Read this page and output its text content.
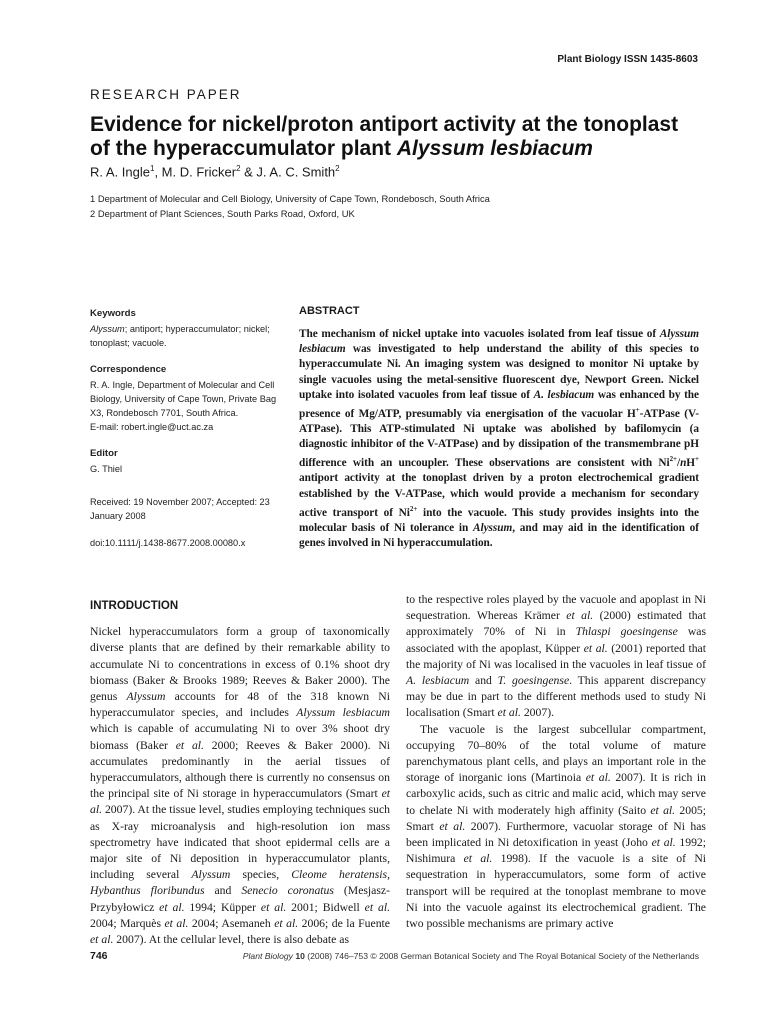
Plant Biology ISSN 1435-8603
RESEARCH PAPER
Evidence for nickel/proton antiport activity at the tonoplast
of the hyperaccumulator plant Alyssum lesbiacum
R. A. Ingle$^1$, M. D. Fricker$^2$ & J. A. C. Smith$^2$
1 Department of Molecular and Cell Biology, University of Cape Town, Rondebosch, South Africa
2 Department of Plant Sciences, South Parks Road, Oxford, UK
Keywords
Alyssum; antiport; hyperaccumulator; nickel; tonoplast; vacuole.
Correspondence
R. A. Ingle, Department of Molecular and Cell Biology, University of Cape Town, Private Bag X3, Rondebosch 7701, South Africa.
E-mail: robert.ingle@uct.ac.za
Editor
G. Thiel
Received: 19 November 2007; Accepted: 23 January 2008
doi:10.1111/j.1438-8677.2008.00080.x
ABSTRACT

The mechanism of nickel uptake into vacuoles isolated from leaf tissue of Alyssum lesbiacum was investigated to help understand the ability of this species to hyperaccumulate Ni. An imaging system was designed to monitor Ni uptake by single vacuoles using the metal-sensitive fluorescent dye, Newport Green. Nickel uptake into isolated vacuoles from leaf tissue of A. lesbiacum was enhanced by the presence of Mg/ATP, presumably via energisation of the vacuolar H+-ATPase (V-ATPase). This ATP-stimulated Ni uptake was abolished by bafilomycin (a diagnostic inhibitor of the V-ATPase) and by dissipation of the transmembrane pH difference with an uncoupler. These observations are consistent with $Ni^{2+}/nH^+$ antiport activity at the tonoplast driven by a proton electrochemical gradient established by the V-ATPase, which would provide a mechanism for secondary active transport of $Ni^{2+}$ into the vacuole. This study provides insights into the molecular basis of Ni tolerance in Alyssum, and may aid in the identification of genes involved in Ni hyperaccumulation.

INTRODUCTION

Nickel hyperaccumulators form a group of taxonomically diverse plants that are defined by their remarkable ability to accumulate Ni to concentrations in excess of 0.1% shoot dry biomass (Baker & Brooks 1989; Reeves & Baker 2000). The genus Alyssum accounts for 48 of the 318 known Ni hyperaccumulator species, and includes Alyssum lesbiacum which is capable of accumulating Ni to over 3% shoot dry biomass (Baker et al. 2000; Reeves & Baker 2000). Ni accumulates predominantly in the aerial tissues of hyperaccumulators, although there is currently no consensus on the principal site of Ni storage in hyperaccumulators (Smart et al. 2007). At the tissue level, studies employing techniques such as X-ray microanalysis and high-resolution ion mass spectrometry have indicated that shoot epidermal cells are a major site of Ni deposition in hyperaccumulator plants, including several Alyssum species, Cleome heratensis, Hybanthus floribundus and Senecio coronatus (Mesjasz-Przybyłowicz et al. 1994; Küpper et al. 2001; Bidwell et al. 2004; Marquès et al. 2004; Asemaneh et al. 2006; de la Fuente et al. 2007). At the cellular level, there is also debate as

to the respective roles played by the vacuole and apoplast in Ni sequestration. Whereas Krämer et al. (2000) estimated that approximately 70% of Ni in Thlaspi goesingense was associated with the apoplast, Küpper et al. (2001) reported that the majority of Ni was localised in the vacuoles in leaf tissue of A. lesbiacum and T. goesingense. This apparent discrepancy may be due in part to the different methods used to study Ni localisation (Smart et al. 2007).

The vacuole is the largest subcellular compartment, occupying 70–80% of the total volume of mature parenchymatous plant cells, and plays an important role in the storage of inorganic ions (Martinoia et al. 2007). It is rich in carboxylic acids, such as citric and malic acid, which may serve to chelate Ni with moderately high affinity (Saito et al. 2005; Smart et al. 2007). Furthermore, vacuolar storage of Ni has been implicated in Ni detoxification in yeast (Joho et al. 1992; Nishimura et al. 1998). If the vacuole is a site of Ni sequestration in hyperaccumulators, some form of active transport will be required at the tonoplast membrane to move Ni into the vacuole against its electrochemical gradient. The two possible mechanisms are primary active

746	Plant Biology 10 (2008) 746–753 © 2008 German Botanical Society and The Royal Botanical Society of the Netherlands
